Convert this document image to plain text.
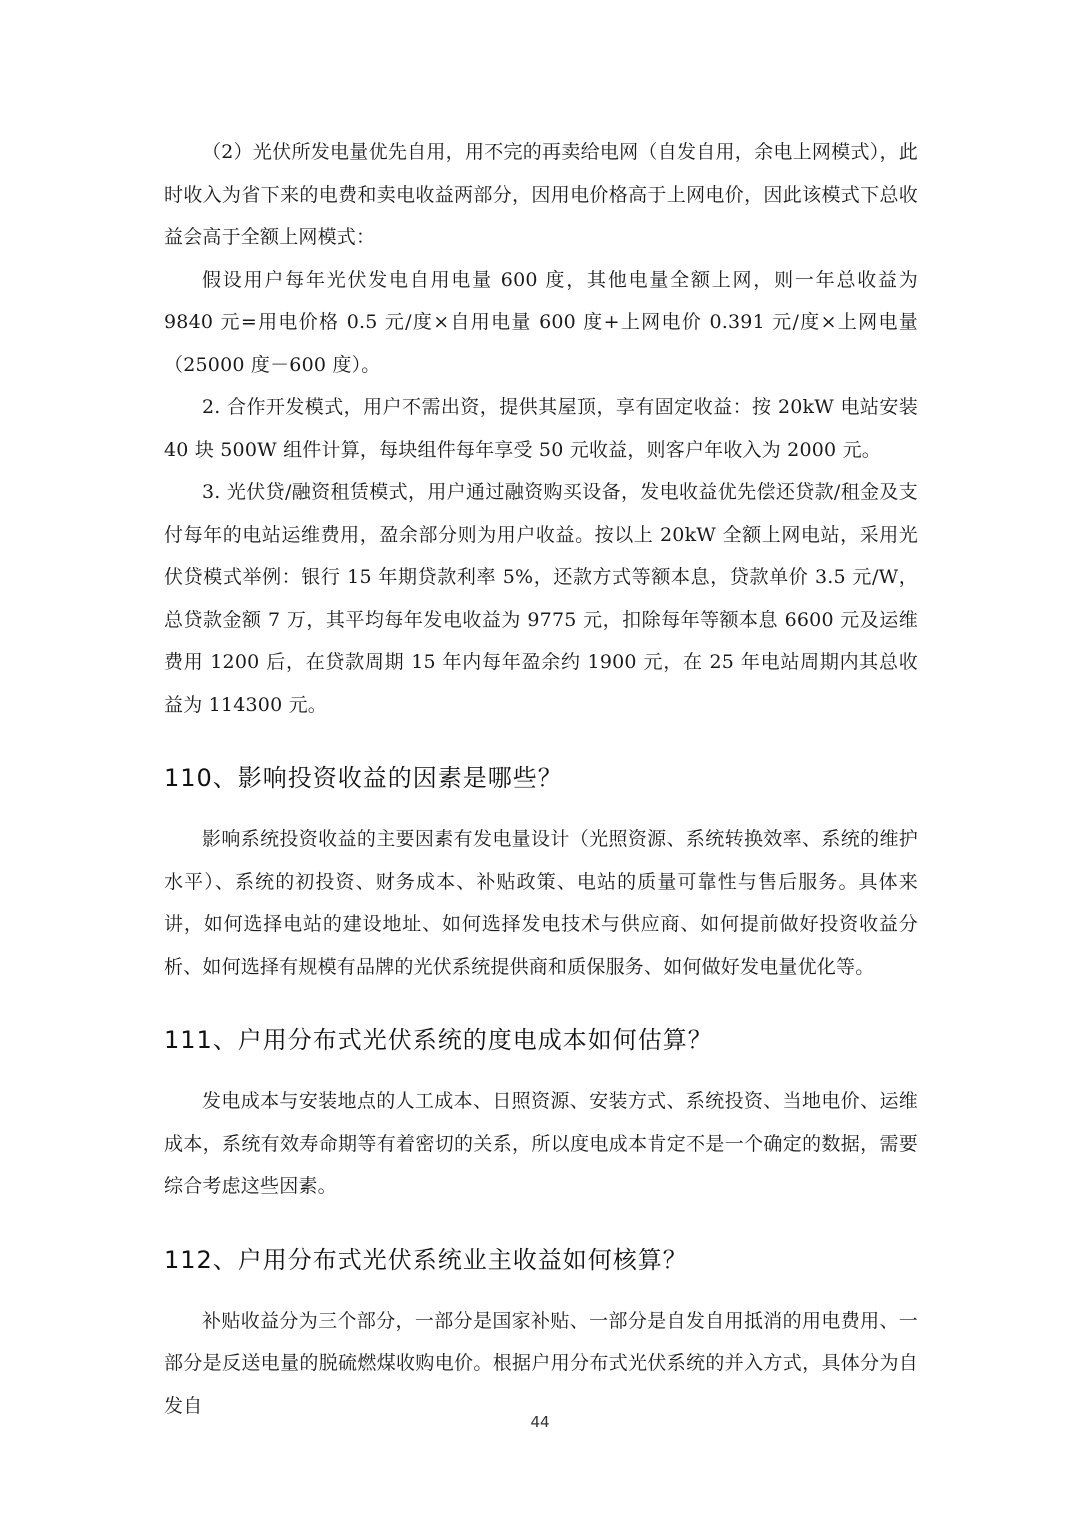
（2）光伏所发电量优先自用，用不完的再卖给电网（自发自用，余电上网模式），此时收入为省下来的电费和卖电收益两部分，因用电价格高于上网电价，因此该模式下总收益会高于全额上网模式：

假设用户每年光伏发电自用电量 600 度，其他电量全额上网，则一年总收益为 9840 元=用电价格 0.5 元/度×自用电量 600 度+上网电价 0.391 元/度×上网电量（25000 度－600 度）。

2. 合作开发模式，用户不需出资，提供其屋顶，享有固定收益：按 20kW 电站安装 40 块 500W 组件计算，每块组件每年享受 50 元收益，则客户年收入为 2000 元。

3. 光伏贷/融资租赁模式，用户通过融资购买设备，发电收益优先偿还贷款/租金及支付每年的电站运维费用，盈余部分则为用户收益。按以上 20kW 全额上网电站，采用光伏贷模式举例：银行 15 年期贷款利率 5%，还款方式等额本息，贷款单价 3.5 元/W，总贷款金额 7 万，其平均每年发电收益为 9775 元，扣除每年等额本息 6600 元及运维费用 1200 后，在贷款周期 15 年内每年盈余约 1900 元，在 25 年电站周期内其总收益为 114300 元。

110、影响投资收益的因素是哪些？

影响系统投资收益的主要因素有发电量设计（光照资源、系统转换效率、系统的维护水平）、系统的初投资、财务成本、补贴政策、电站的质量可靠性与售后服务。具体来讲，如何选择电站的建设地址、如何选择发电技术与供应商、如何提前做好投资收益分析、如何选择有规模有品牌的光伏系统提供商和质保服务、如何做好发电量优化等。

111、户用分布式光伏系统的度电成本如何估算？

发电成本与安装地点的人工成本、日照资源、安装方式、系统投资、当地电价、运维成本，系统有效寿命期等有着密切的关系，所以度电成本肯定不是一个确定的数据，需要综合考虑这些因素。

112、户用分布式光伏系统业主收益如何核算？

补贴收益分为三个部分，一部分是国家补贴、一部分是自发自用抵消的用电费用、一部分是反送电量的脱硫燃煤收购电价。根据户用分布式光伏系统的并入方式，具体分为自发自

44
